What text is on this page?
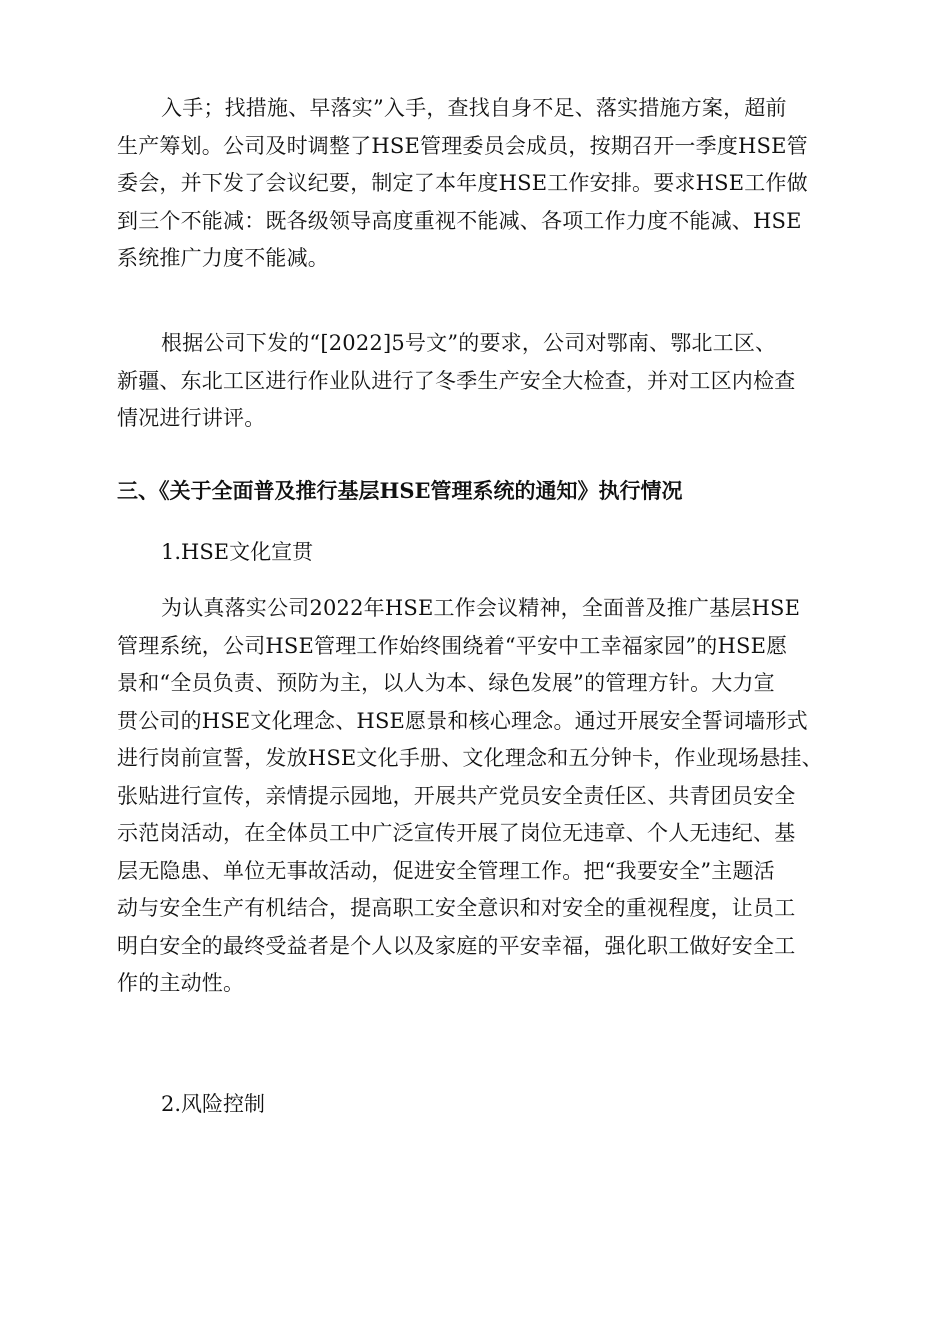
入手；找措施、早落实”入手，查找自身不足、落实措施方案，超前
生产筹划。公司及时调整了HSE管理委员会成员，按期召开一季度HSE管
委会，并下发了会议纪要，制定了本年度HSE工作安排。要求HSE工作做
到三个不能减：既各级领导高度重视不能减、各项工作力度不能减、HSE
系统推广力度不能减。
根据公司下发的“[2022]5号文”的要求，公司对鄂南、鄂北工区、
新疆、东北工区进行作业队进行了冬季生产安全大检查，并对工区内检查
情况进行讲评。
三、《关于全面普及推行基层HSE管理系统的通知》执行情况
1.HSE文化宣贯
为认真落实公司2022年HSE工作会议精神，全面普及推广基层HSE
管理系统，公司HSE管理工作始终围绕着“平安中工幸福家园”的HSE愿
景和“全员负责、预防为主，以人为本、绿色发展”的管理方针。大力宣
贯公司的HSE文化理念、HSE愿景和核心理念。通过开展安全誓词墙形式
进行岗前宣誓，发放HSE文化手册、文化理念和五分钟卡，作业现场悬挂、
张贴进行宣传，亲情提示园地，开展共产党员安全责任区、共青团员安全
示范岗活动，在全体员工中广泛宣传开展了岗位无违章、个人无违纪、基
层无隐患、单位无事故活动，促进安全管理工作。把“我要安全”主题活
动与安全生产有机结合，提高职工安全意识和对安全的重视程度，让员工
明白安全的最终受益者是个人以及家庭的平安幸福，强化职工做好安全工
作的主动性。
2.风险控制
